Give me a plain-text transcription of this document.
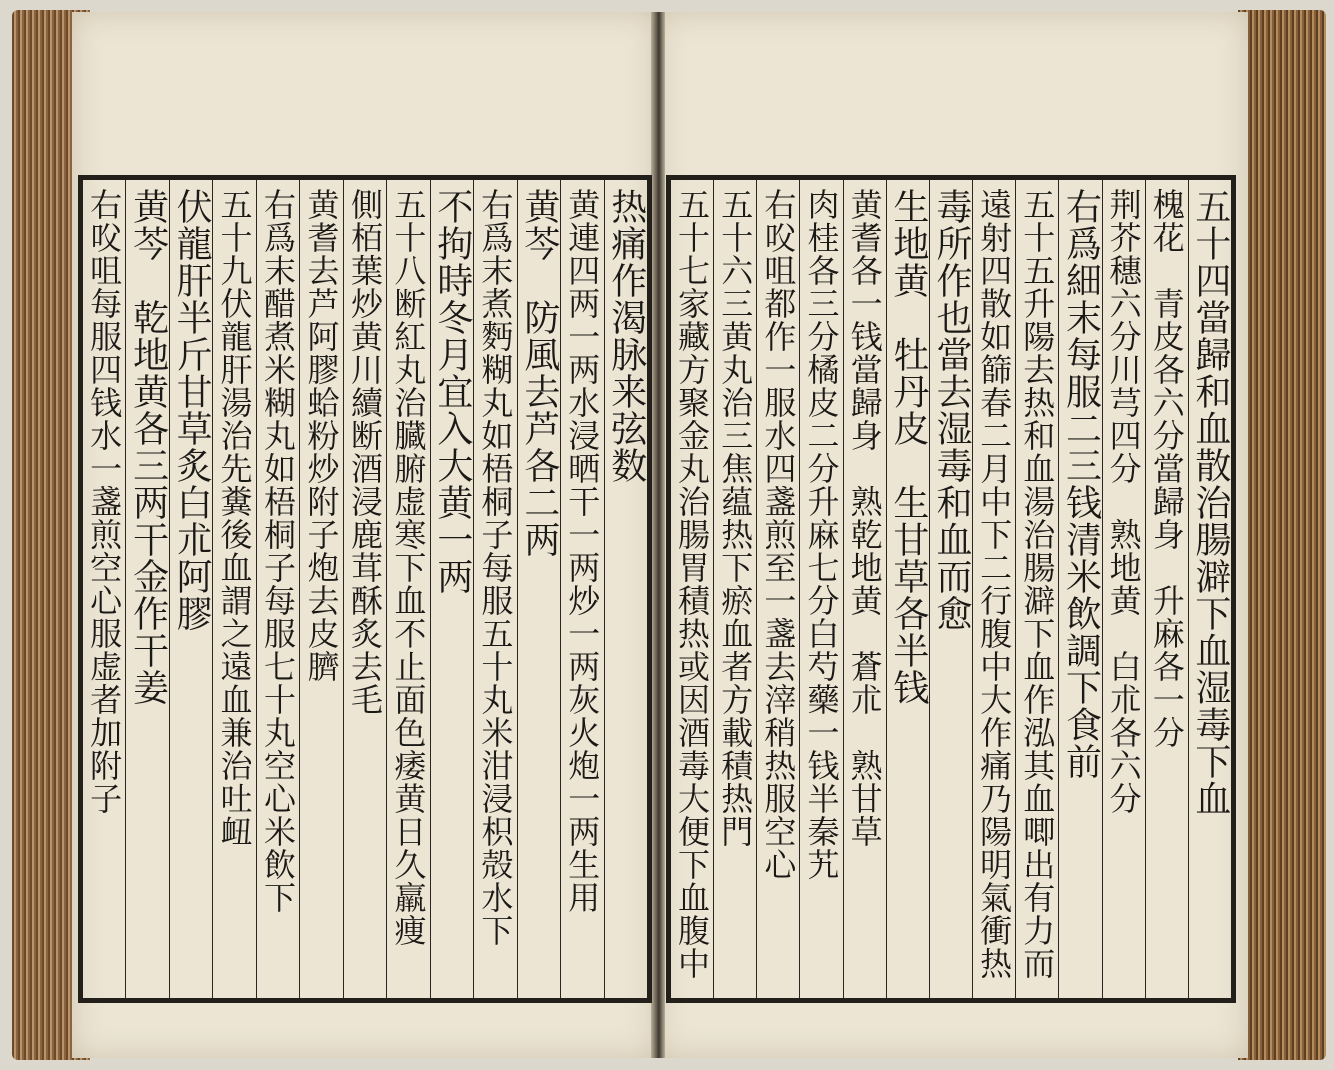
热痛作渴脉来弦数
黄連四两一两水浸晒干一两炒一两灰火炮一两生用
黄芩　防風去芦各二两
右爲末煮麪糊丸如梧桐子每服五十丸米泔浸枳殻水下
不拘時冬月宜入大黄一两
五十八断紅丸治臓腑虚寒下血不止面色痿黄日久羸痩
側栢葉炒黄川續断酒浸鹿茸酥炙去毛
黄耆去芦阿膠蛤粉炒附子炮去皮臍
右爲末醋煮米糊丸如梧桐子每服七十丸空心米飲下
五十九伏龍肝湯治先糞後血謂之遠血兼治吐衄
伏龍肝半斤甘草炙白朮阿膠
黄芩　乾地黄各三两干金作干姜
右㕮咀每服四钱水一盞煎空心服虚者加附子	五十四當歸和血散治腸澼下血湿毒下血
槐花　青皮各六分當歸身　升麻各一分
荆芥穗六分川芎四分　熟地黄　白朮各六分
右爲細末每服二三钱清米飲調下食前
五十五升陽去热和血湯治腸澼下血作泓其血唧出有力而
遠射四散如篩春二月中下二行腹中大作痛乃陽明氣衝热
毒所作也當去湿毒和血而愈
生地黄　牡丹皮　生甘草各半钱
黄耆各一钱當歸身　熟乾地黄　蒼朮　熟甘草
肉桂各三分橘皮二分升麻七分白芍藥一钱半秦艽
右㕮咀都作一服水四盞煎至一盞去滓稍热服空心
五十六三黄丸治三焦蕴热下瘀血者方載積热門
五十七家藏方聚金丸治腸胃積热或因酒毒大便下血腹中
